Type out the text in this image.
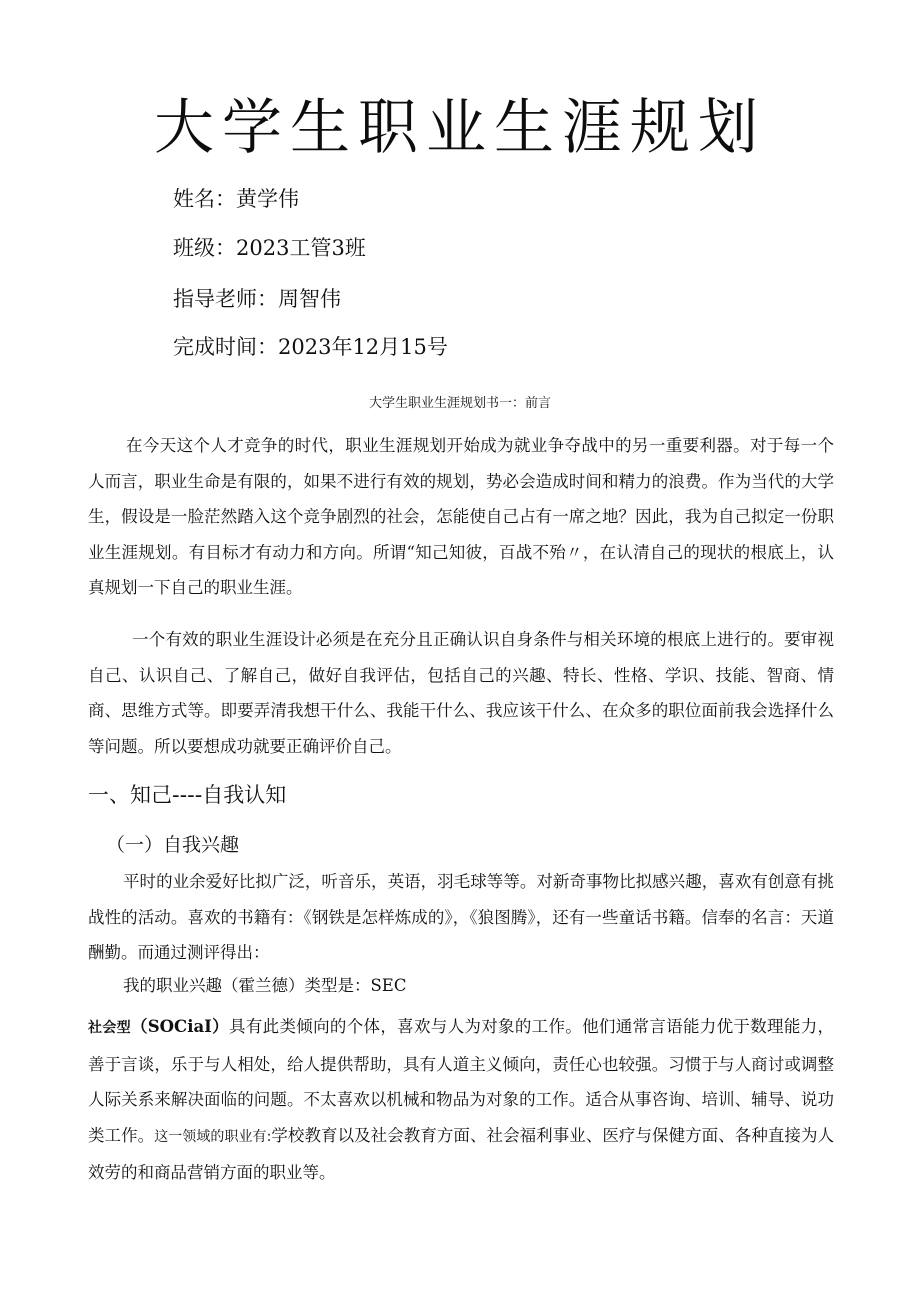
大学生职业生涯规划
姓名：黄学伟
班级：2023工管3班
指导老师：周智伟
完成时间：2023年12月15号
大学生职业生涯规划书一：前言

在今天这个人才竞争的时代，职业生涯规划开始成为就业争夺战中的另一重要利器。对于每一个人而言，职业生命是有限的，如果不进行有效的规划，势必会造成时间和精力的浪费。作为当代的大学生，假设是一脸茫然踏入这个竞争剧烈的社会，怎能使自己占有一席之地？因此，我为自己拟定一份职业生涯规划。有目标才有动力和方向。所谓“知己知彼，百战不殆〃，在认清自己的现状的根底上，认真规划一下自己的职业生涯。

一个有效的职业生涯设计必须是在充分且正确认识自身条件与相关环境的根底上进行的。要审视自己、认识自己、了解自己，做好自我评估，包括自己的兴趣、特长、性格、学识、技能、智商、情商、思维方式等。即要弄清我想干什么、我能干什么、我应该干什么、在众多的职位面前我会选择什么等问题。所以要想成功就要正确评价自己。

一、知己----自我认知
（一）自我兴趣

平时的业余爱好比拟广泛，听音乐，英语，羽毛球等等。对新奇事物比拟感兴趣，喜欢有创意有挑战性的活动。喜欢的书籍有：《钢铁是怎样炼成的》，《狼图腾》，还有一些童话书籍。信奉的名言：天道酬勤。而通过测评得出：

我的职业兴趣（霍兰德）类型是：SEC

社会型（SOCiaI）具有此类倾向的个体，喜欢与人为对象的工作。他们通常言语能力优于数理能力，善于言谈，乐于与人相处，给人提供帮助，具有人道主义倾向，责任心也较强。习惯于与人商讨或调整人际关系来解决面临的问题。不太喜欢以机械和物品为对象的工作。适合从事咨询、培训、辅导、说功类工作。这一领域的职业有:学校教育以及社会教育方面、社会福利事业、医疗与保健方面、各种直接为人效劳的和商品营销方面的职业等。
